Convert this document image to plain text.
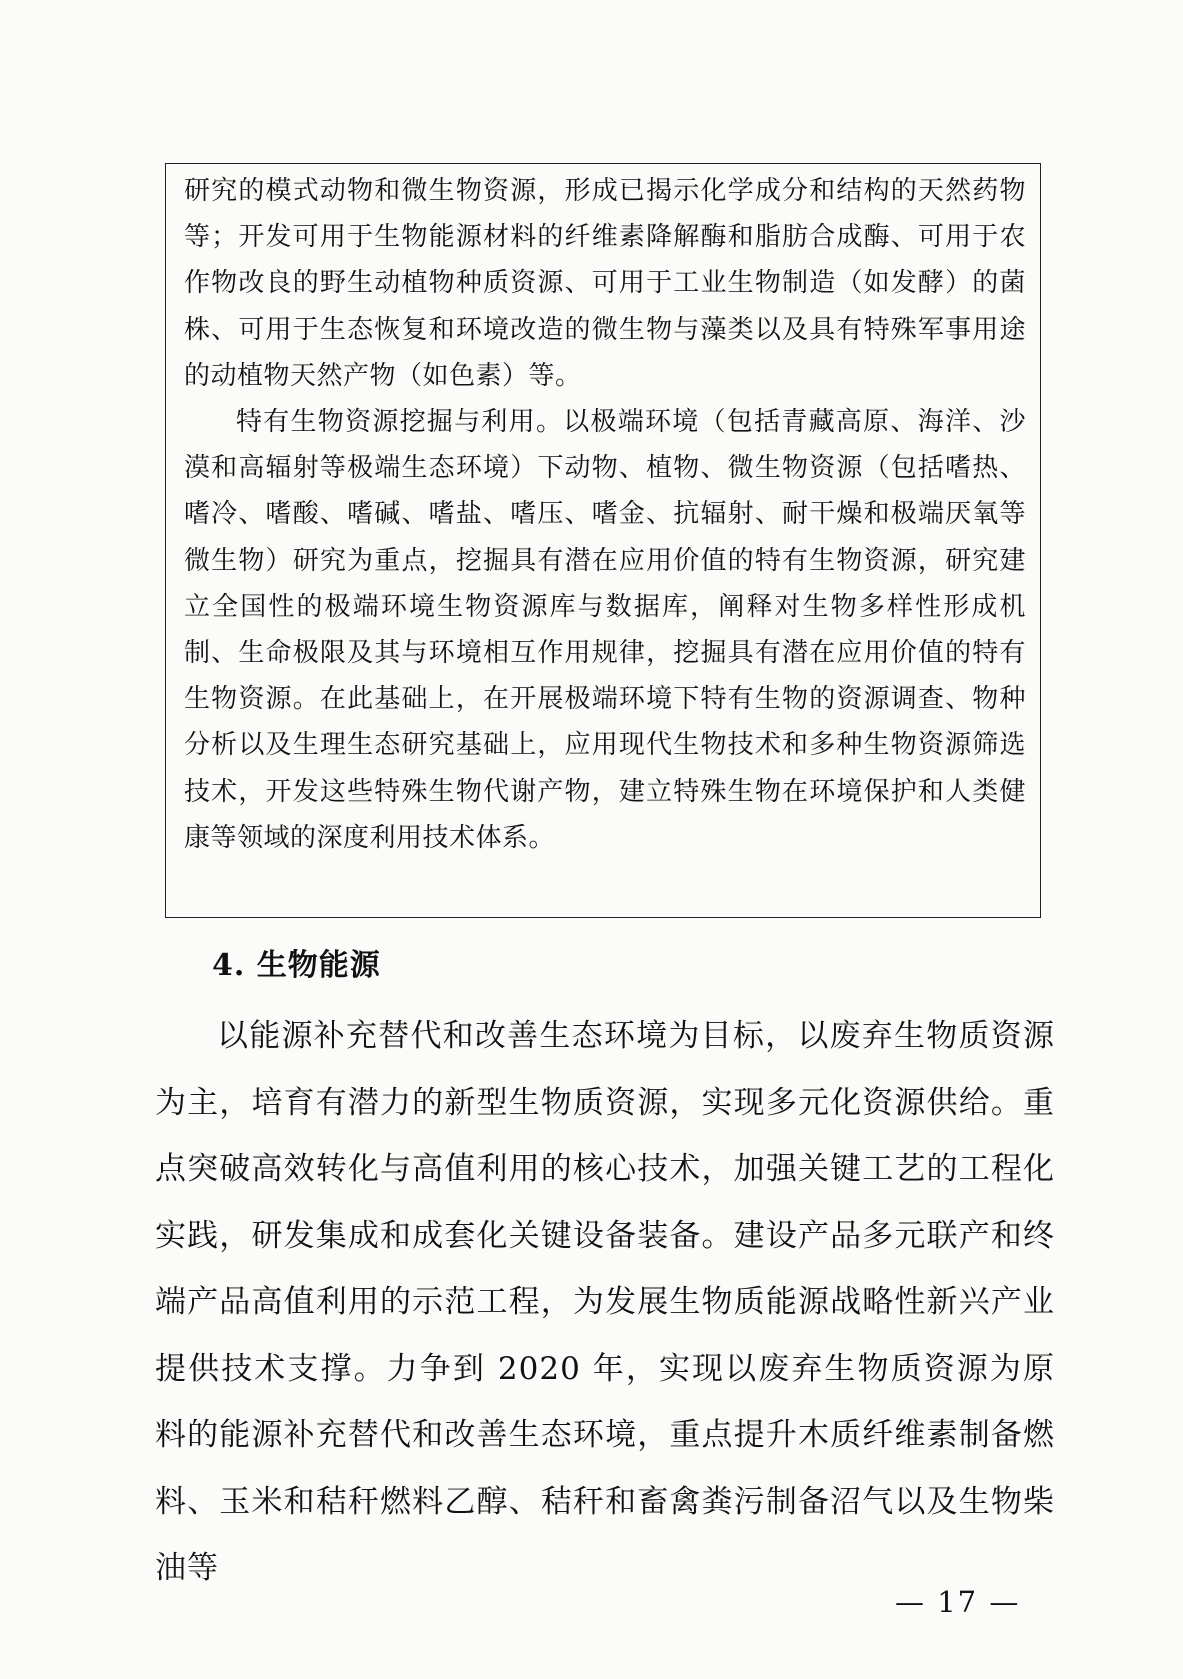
研究的模式动物和微生物资源，形成已揭示化学成分和结构的天然药物等；开发可用于生物能源材料的纤维素降解酶和脂肪合成酶、可用于农作物改良的野生动植物种质资源、可用于工业生物制造（如发酵）的菌株、可用于生态恢复和环境改造的微生物与藻类以及具有特殊军事用途的动植物天然产物（如色素）等。

特有生物资源挖掘与利用。以极端环境（包括青藏高原、海洋、沙漠和高辐射等极端生态环境）下动物、植物、微生物资源（包括嗜热、嗜冷、嗜酸、嗜碱、嗜盐、嗜压、嗜金、抗辐射、耐干燥和极端厌氧等微生物）研究为重点，挖掘具有潜在应用价值的特有生物资源，研究建立全国性的极端环境生物资源库与数据库，阐释对生物多样性形成机制、生命极限及其与环境相互作用规律，挖掘具有潜在应用价值的特有生物资源。在此基础上，在开展极端环境下特有生物的资源调查、物种分析以及生理生态研究基础上，应用现代生物技术和多种生物资源筛选技术，开发这些特殊生物代谢产物，建立特殊生物在环境保护和人类健康等领域的深度利用技术体系。

4. 生物能源

以能源补充替代和改善生态环境为目标，以废弃生物质资源为主，培育有潜力的新型生物质资源，实现多元化资源供给。重点突破高效转化与高值利用的核心技术，加强关键工艺的工程化实践，研发集成和成套化关键设备装备。建设产品多元联产和终端产品高值利用的示范工程，为发展生物质能源战略性新兴产业提供技术支撑。力争到 2020 年，实现以废弃生物质资源为原料的能源补充替代和改善生态环境，重点提升木质纤维素制备燃料、玉米和秸秆燃料乙醇、秸秆和畜禽粪污制备沼气以及生物柴油等

— 17 —
